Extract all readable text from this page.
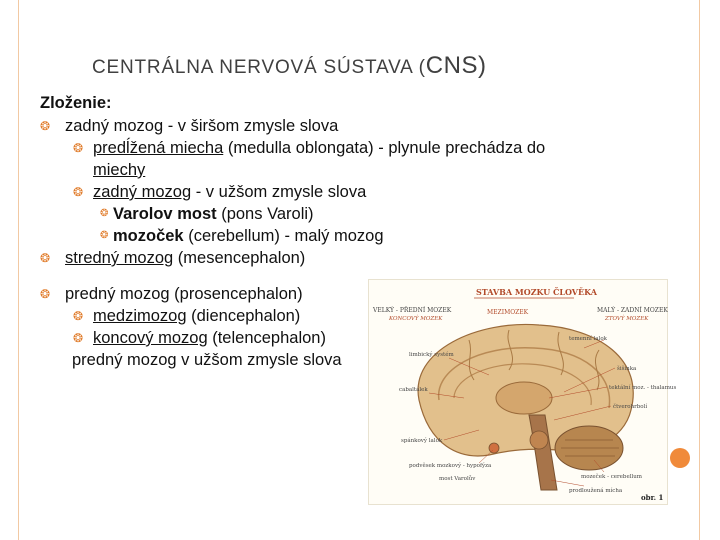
CENTRÁLNA NERVOVÁ SÚSTAVA (CNS)
Zloženie:
❂ zadný mozog - v širšom zmysle slova
❂ predĺžená miecha (medulla oblongata) - plynule prechádza do
miechy
❂ zadný mozog - v užšom zmysle slova
❂ Varolov most (pons Varoli)
❂ mozoček (cerebellum) - malý mozog
❂ stredný mozog (mesencephalon)
❂ predný mozog (prosencephalon)
❂ medzimozog (diencephalon)
❂ koncový mozog (telencephalon)
predný mozog v užšom zmysle slova
STAVBA MOZKU ČLOVĚKA
VELKÝ - PŘEDNÍ MOZEK
KONCOVÝ MOZEK
MEZIMOZEK	MALÝ - ZADNÍ MOZEK
ZTOVÝ MOZEK
limbický systém
cabaltálek
spánkový lalok
podvěsek mozkový - hypofýza
most Varolův
temenní lalok
šišinka
tektální moz. - thalamus
čtverohrbolí
mozeček - cerebellum
prodloužená mícha
obr. 1
